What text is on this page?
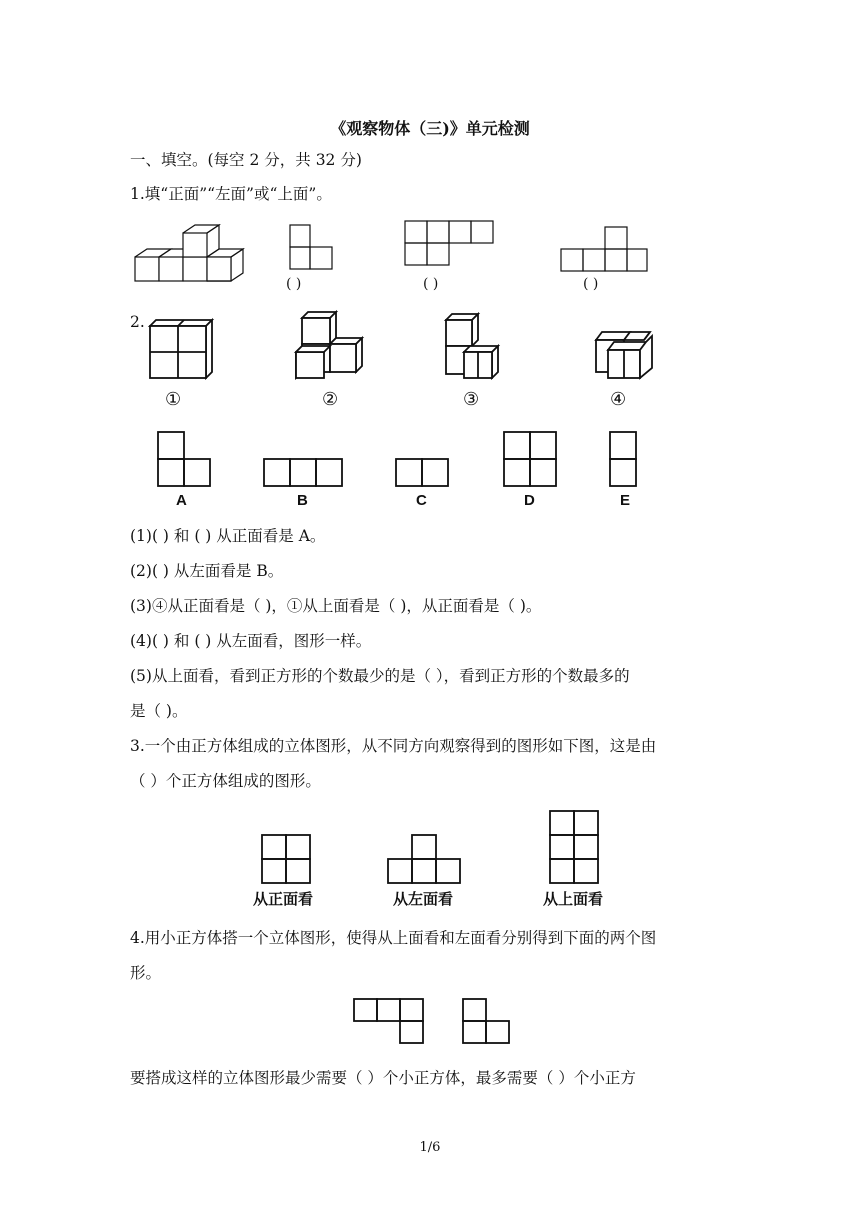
《观察物体（三)》单元检测
一、填空。(每空 2 分，共 32 分)
1.填“正面”“左面”或“上面”。
( )	( )	( )
2.
①	②	③	④
A	B	C	D	E
(1)( ) 和 ( ) 从正面看是 A。
(2)( ) 从左面看是 B。
(3)④从正面看是（ )，①从上面看是（ )，从正面看是（ )。
(4)( ) 和 ( ) 从左面看，图形一样。
(5)从上面看，看到正方形的个数最少的是（ ），看到正方形的个数最多的
是（ )。
3.一个由正方体组成的立体图形，从不同方向观察得到的图形如下图，这是由
（ ）个正方体组成的图形。
从正面看	从左面看	从上面看
4.用小正方体搭一个立体图形，使得从上面看和左面看分别得到下面的两个图
形。
要搭成这样的立体图形最少需要（ ）个小正方体，最多需要（ ）个小正方
1/6
